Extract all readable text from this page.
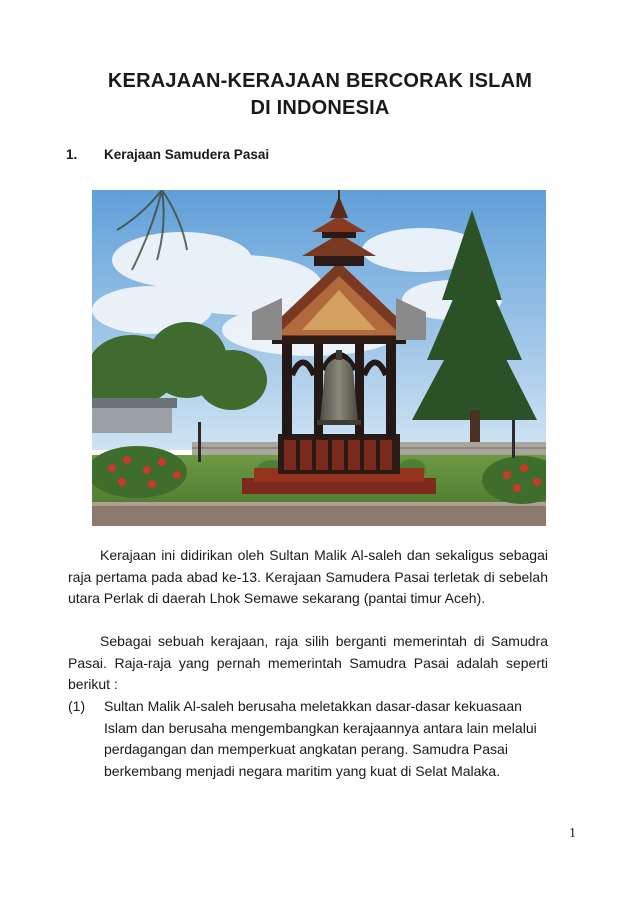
KERAJAAN-KERAJAAN BERCORAK ISLAM
DI INDONESIA
1. Kerajaan Samudera Pasai
Kerajaan ini didirikan oleh Sultan Malik Al-saleh dan sekaligus sebagai raja pertama pada abad ke-13. Kerajaan Samudera Pasai terletak di sebelah utara Perlak di daerah Lhok Semawe sekarang (pantai timur Aceh).
Sebagai sebuah kerajaan, raja silih berganti memerintah di Samudra Pasai. Raja-raja yang pernah memerintah Samudra Pasai adalah seperti berikut :
(1) Sultan Malik Al-saleh berusaha meletakkan dasar-dasar kekuasaan Islam dan berusaha mengembangkan kerajaannya antara lain melalui perdagangan dan memperkuat angkatan perang. Samudra Pasai berkembang menjadi negara maritim yang kuat di Selat Malaka.
1
